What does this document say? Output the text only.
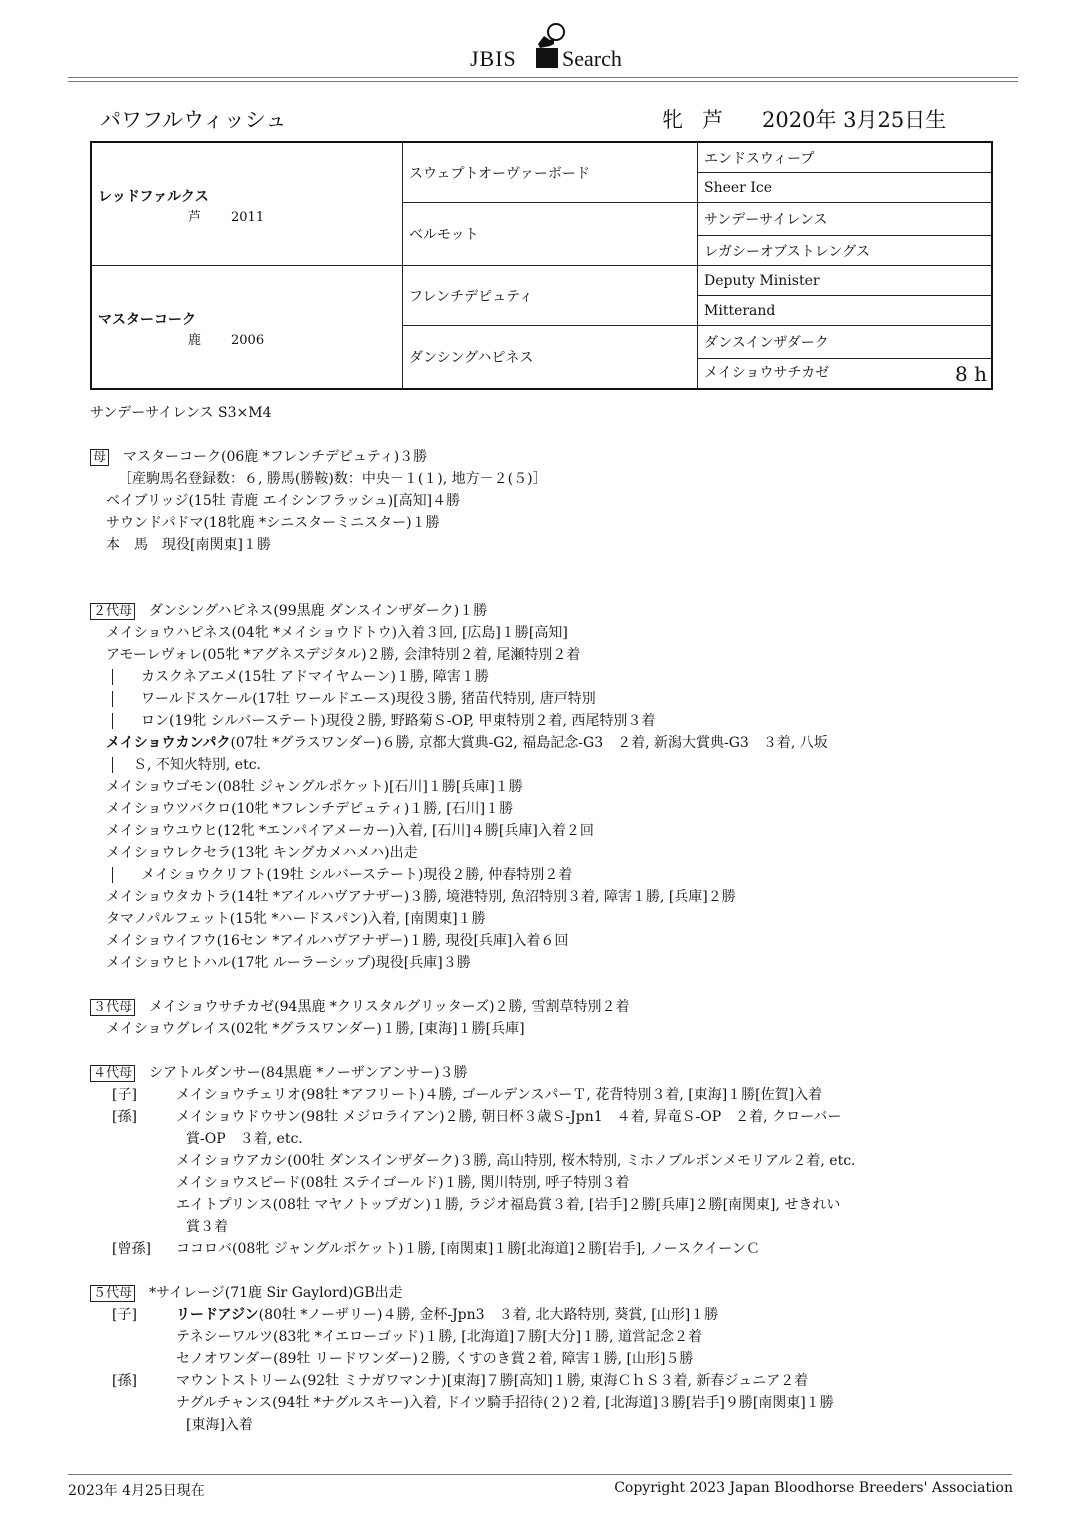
JBIS Search
パワフルウィッシュ	牝 芦 2020年 3月25日生
レッドファルクス
芦 2011	スウェプトオーヴァーボード	エンドスウィープ
		Sheer Ice
	ベルモット	サンデーサイレンス
		レガシーオブストレングス

マスターコーク
鹿 2006	フレンチデピュティ	Deputy Minister
		Mitterand
	ダンシングハピネス	ダンスインザダーク
		メイショウサチカゼ 8 h
サンデーサイレンス S3×M4
母 マスターコーク(06鹿 *フレンチデピュティ)３勝
［産駒馬名登録数：６, 勝馬(勝鞍)数：中央－１(１), 地方－２(５)］
ベイブリッジ(15牡 青鹿 エイシンフラッシュ)[高知]４勝
サウンドパドマ(18牝鹿 *シニスターミニスター)１勝
本　馬　現役[南関東]１勝
２代母 ダンシングハピネス(99黒鹿 ダンスインザダーク)１勝
メイショウハピネス(04牝 *メイショウドトウ)入着３回, [広島]１勝[高知]
アモーレヴォレ(05牝 *アグネスデジタル)２勝, 会津特別２着, 尾瀬特別２着
カスクネアエメ(15牡 アドマイヤムーン)１勝, 障害１勝
ワールドスケール(17牡 ワールドエース)現役３勝, 猪苗代特別, 唐戸特別
ロン(19牝 シルバーステート)現役２勝, 野路菊Ｓ-OP, 甲東特別２着, 西尾特別３着
メイショウカンパク(07牡 *グラスワンダー)６勝, 京都大賞典-G2, 福島記念-G3　２着, 新潟大賞典-G3　３着, 八坂
Ｓ, 不知火特別, etc.
メイショウゴモン(08牡 ジャングルポケット)[石川]１勝[兵庫]１勝
メイショウツバクロ(10牝 *フレンチデピュティ)１勝, [石川]１勝
メイショウユウヒ(12牝 *エンパイアメーカー)入着, [石川]４勝[兵庫]入着２回
メイショウレクセラ(13牝 キングカメハメハ)出走
メイショウクリフト(19牡 シルバーステート)現役２勝, 仲春特別２着
メイショウタカトラ(14牡 *アイルハヴアナザー)３勝, 境港特別, 魚沼特別３着, 障害１勝, [兵庫]２勝
タマノパルフェット(15牝 *ハードスパン)入着, [南関東]１勝
メイショウイフウ(16セン *アイルハヴアナザー)１勝, 現役[兵庫]入着６回
メイショウヒトハル(17牝 ルーラーシップ)現役[兵庫]３勝
３代母 メイショウサチカゼ(94黒鹿 *クリスタルグリッターズ)２勝, 雪割草特別２着
メイショウグレイス(02牝 *グラスワンダー)１勝, [東海]１勝[兵庫]
４代母 シアトルダンサー(84黒鹿 *ノーザンアンサー)３勝
[子]	メイショウチェリオ(98牡 *アフリート)４勝, ゴールデンスパーＴ, 花背特別３着, [東海]１勝[佐賀]入着
[孫]	メイショウドウサン(98牡 メジロライアン)２勝, 朝日杯３歳Ｓ-Jpn1　４着, 昇竜Ｓ-OP　２着, クローバー
賞-OP　３着, etc.
メイショウアカシ(00牡 ダンスインザダーク)３勝, 高山特別, 桜木特別, ミホノブルボンメモリアル２着, etc.
メイショウスピード(08牡 ステイゴールド)１勝, 関川特別, 呼子特別３着
エイトプリンス(08牡 マヤノトップガン)１勝, ラジオ福島賞３着, [岩手]２勝[兵庫]２勝[南関東], せきれい
賞３着
[曾孫] ココロバ(08牝 ジャングルポケット)１勝, [南関東]１勝[北海道]２勝[岩手], ノースクイーンＣ
５代母 *サイレージ(71鹿 Sir Gaylord)GB出走
[子]	リードアジン(80牡 *ノーザリー)４勝, 金杯-Jpn3　３着, 北大路特別, 葵賞, [山形]１勝
テネシーワルツ(83牝 *イエローゴッド)１勝, [北海道]７勝[大分]１勝, 道営記念２着
セノオワンダー(89牡 リードワンダー)２勝, くすのき賞２着, 障害１勝, [山形]５勝
[孫]	マウントストリーム(92牡 ミナガワマンナ)[東海]７勝[高知]１勝, 東海ＣｈＳ３着, 新春ジュニア２着
ナグルチャンス(94牡 *ナグルスキー)入着, ドイツ騎手招待(２)２着, [北海道]３勝[岩手]９勝[南関東]１勝
[東海]入着
2023年 4月25日現在	Copyright 2023 Japan Bloodhorse Breeders' Association
